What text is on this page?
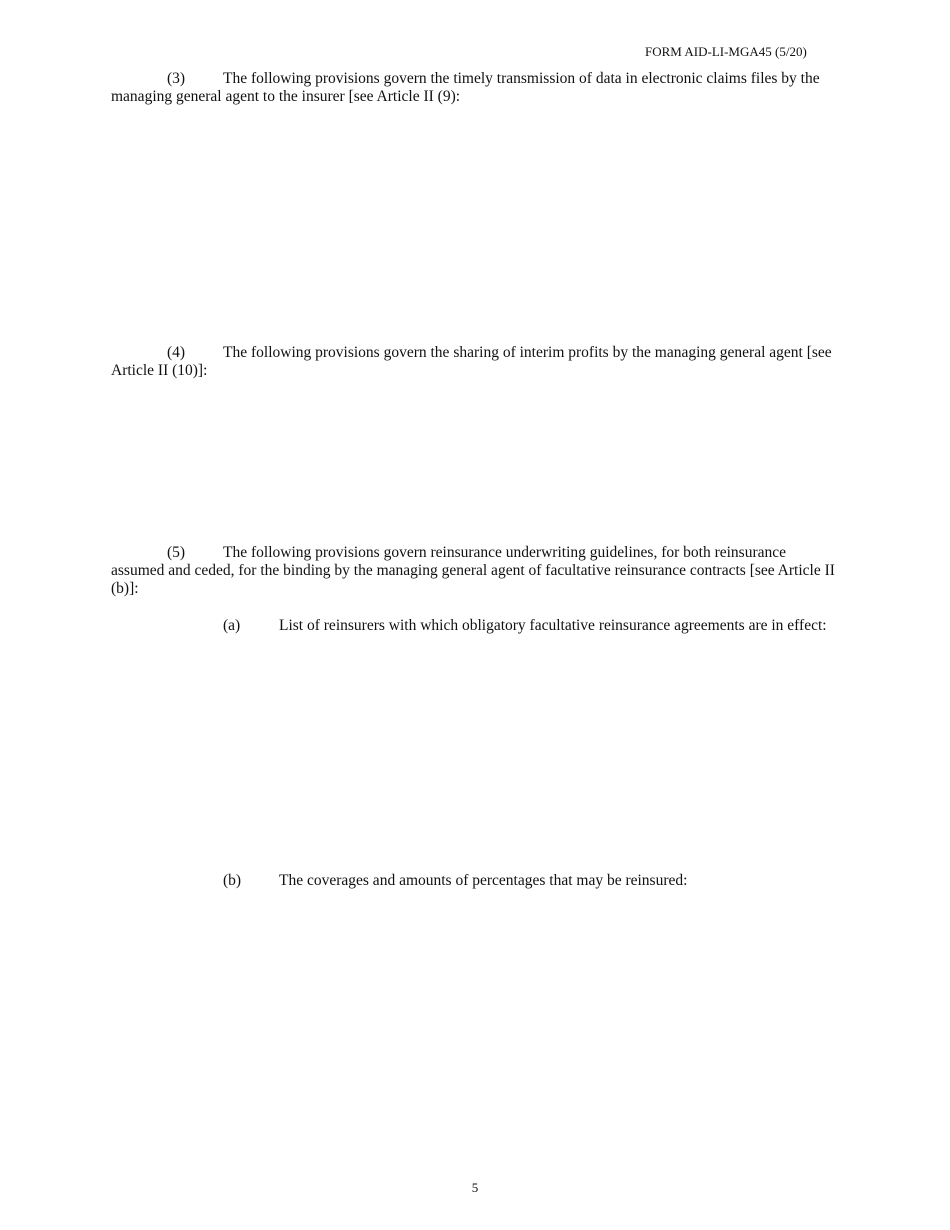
FORM AID-LI-MGA45 (5/20)
(3) The following provisions govern the timely transmission of data in electronic claims files by the managing general agent to the insurer [see Article II (9):
(4) The following provisions govern the sharing of interim profits by the managing general agent [see Article II (10)]:
(5) The following provisions govern reinsurance underwriting guidelines, for both reinsurance assumed and ceded, for the binding by the managing general agent of facultative reinsurance contracts [see Article II (b)]:
(a)	List of reinsurers with which obligatory facultative reinsurance agreements are in effect:
(b) The coverages and amounts of percentages that may be reinsured:
5
